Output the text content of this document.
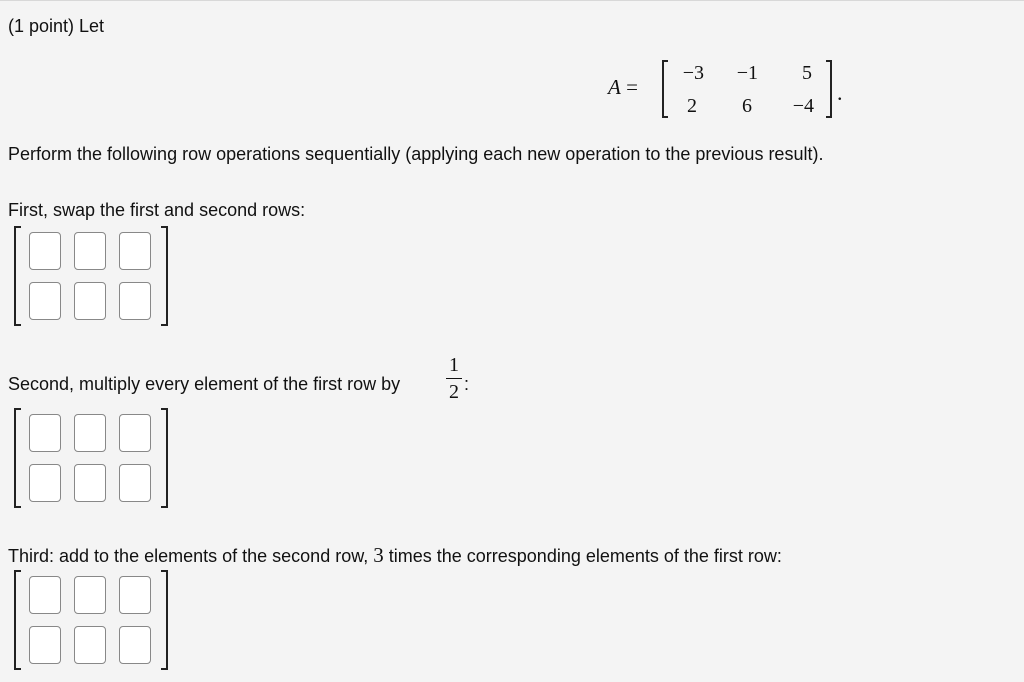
(1 point) Let
A =
−3	−1	5
2	6	−4
.
Perform the following row operations sequentially (applying each new operation to the previous result).
First, swap the first and second rows:
Second, multiply every element of the first row by
1
2 :
Third: add to the elements of the second row, 3 times the corresponding elements of the first row:
